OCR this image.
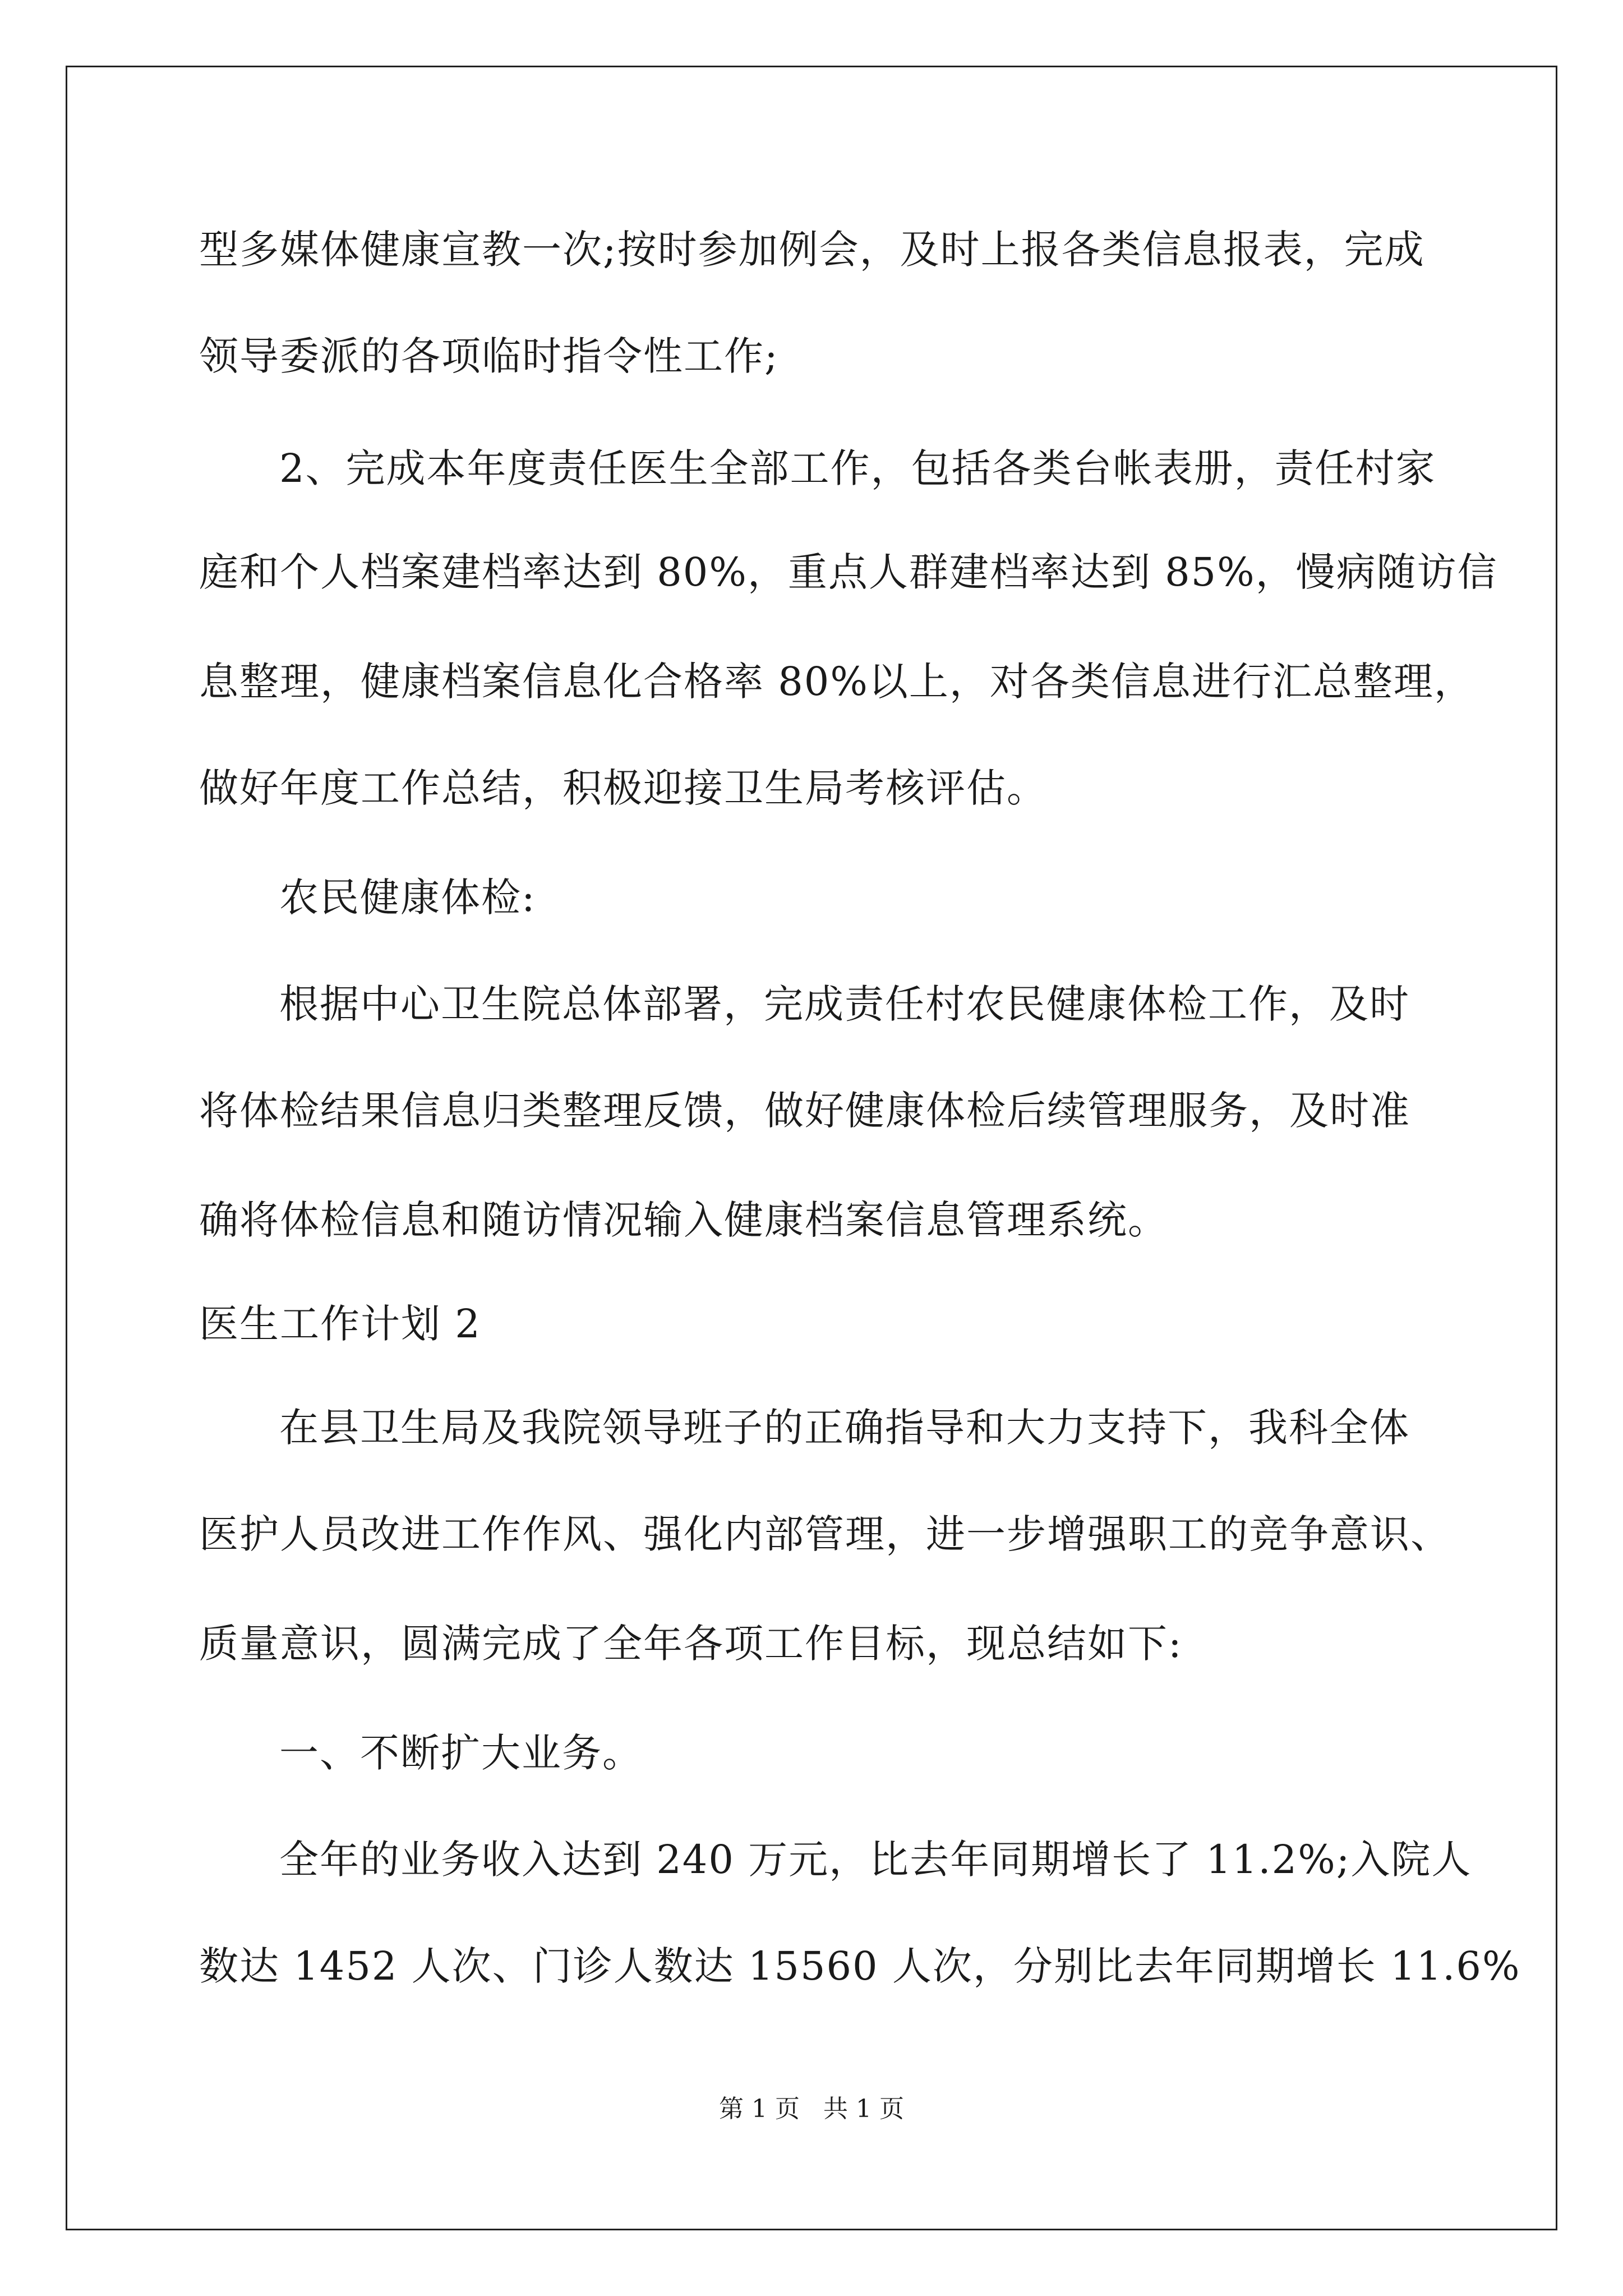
型多媒体健康宣教一次;按时参加例会，及时上报各类信息报表，完成

领导委派的各项临时指令性工作;

2、完成本年度责任医生全部工作，包括各类台帐表册，责任村家

庭和个人档案建档率达到 80%，重点人群建档率达到 85%，慢病随访信

息整理，健康档案信息化合格率 80%以上，对各类信息进行汇总整理，

做好年度工作总结，积极迎接卫生局考核评估。

农民健康体检:

根据中心卫生院总体部署，完成责任村农民健康体检工作，及时

将体检结果信息归类整理反馈，做好健康体检后续管理服务，及时准

确将体检信息和随访情况输入健康档案信息管理系统。

医生工作计划 2

在县卫生局及我院领导班子的正确指导和大力支持下，我科全体

医护人员改进工作作风、强化内部管理，进一步增强职工的竞争意识、

质量意识，圆满完成了全年各项工作目标，现总结如下:

一、不断扩大业务。

全年的业务收入达到 240 万元，比去年同期增长了 11.2%;入院人

数达 1452 人次、门诊人数达 15560 人次，分别比去年同期增长 11.6%

第 1 页   共 1 页
